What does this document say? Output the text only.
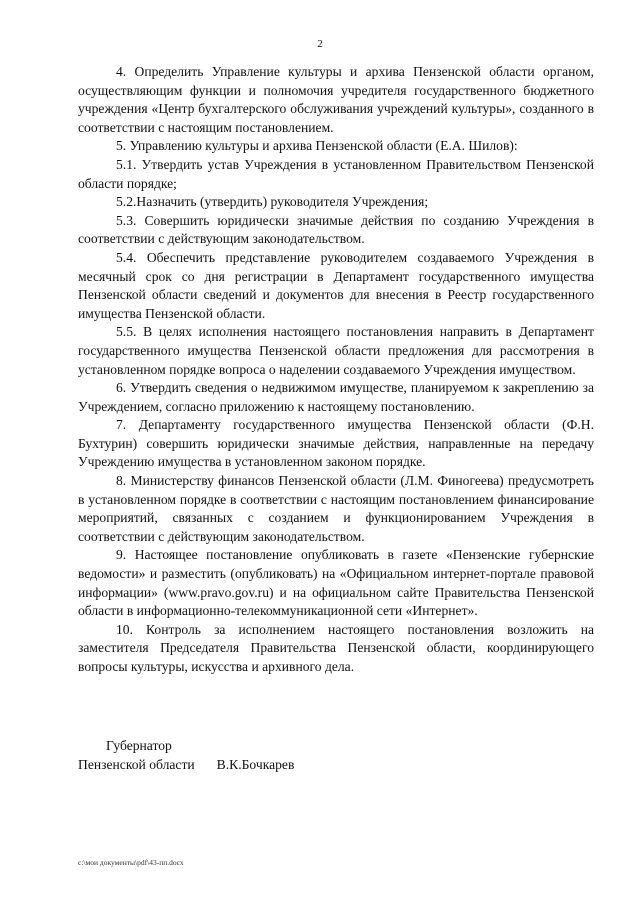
2

4. Определить Управление культуры и архива Пензенской области органом, осуществляющим функции и полномочия учредителя государственного бюджетного учреждения «Центр бухгалтерского обслуживания учреждений культуры», созданного в соответствии с настоящим постановлением.

5. Управлению культуры и архива Пензенской области (Е.А. Шилов):

5.1. Утвердить устав Учреждения в установленном Правительством Пензенской области порядке;

5.2.Назначить (утвердить) руководителя Учреждения;

5.3. Совершить юридически значимые действия по созданию Учреждения в соответствии с действующим законодательством.

5.4. Обеспечить представление руководителем создаваемого Учреждения в месячный срок со дня регистрации в Департамент государственного имущества Пензенской области сведений и документов для внесения в Реестр государственного имущества Пензенской области.

5.5. В целях исполнения настоящего постановления направить в Департамент государственного имущества Пензенской области предложения для рассмотрения в установленном порядке вопроса о наделении создаваемого Учреждения имуществом.

6. Утвердить сведения о недвижимом имуществе, планируемом к закреплению за Учреждением, согласно приложению к настоящему постановлению.

7. Департаменту государственного имущества Пензенской области (Ф.Н. Бухтурин) совершить юридически значимые действия, направленные на передачу Учреждению имущества в установленном законом порядке.

8. Министерству финансов Пензенской области (Л.М. Финогеева) предусмотреть в установленном порядке в соответствии с настоящим постановлением финансирование мероприятий, связанных с созданием и функционированием Учреждения в соответствии с действующим законодательством.

9. Настоящее постановление опубликовать в газете «Пензенские губернские ведомости» и разместить (опубликовать) на «Официальном интернет-портале правовой информации» (www.pravo.gov.ru) и на официальном сайте Правительства Пензенской области в информационно-телекоммуникационной сети «Интернет».

10. Контроль за исполнением настоящего постановления возложить на заместителя Председателя Правительства Пензенской области, координирующего вопросы культуры, искусства и архивного дела.

Губернатор
Пензенской области В.К.Бочкарев
c:\мои документы\pdf\43-пп.docx
